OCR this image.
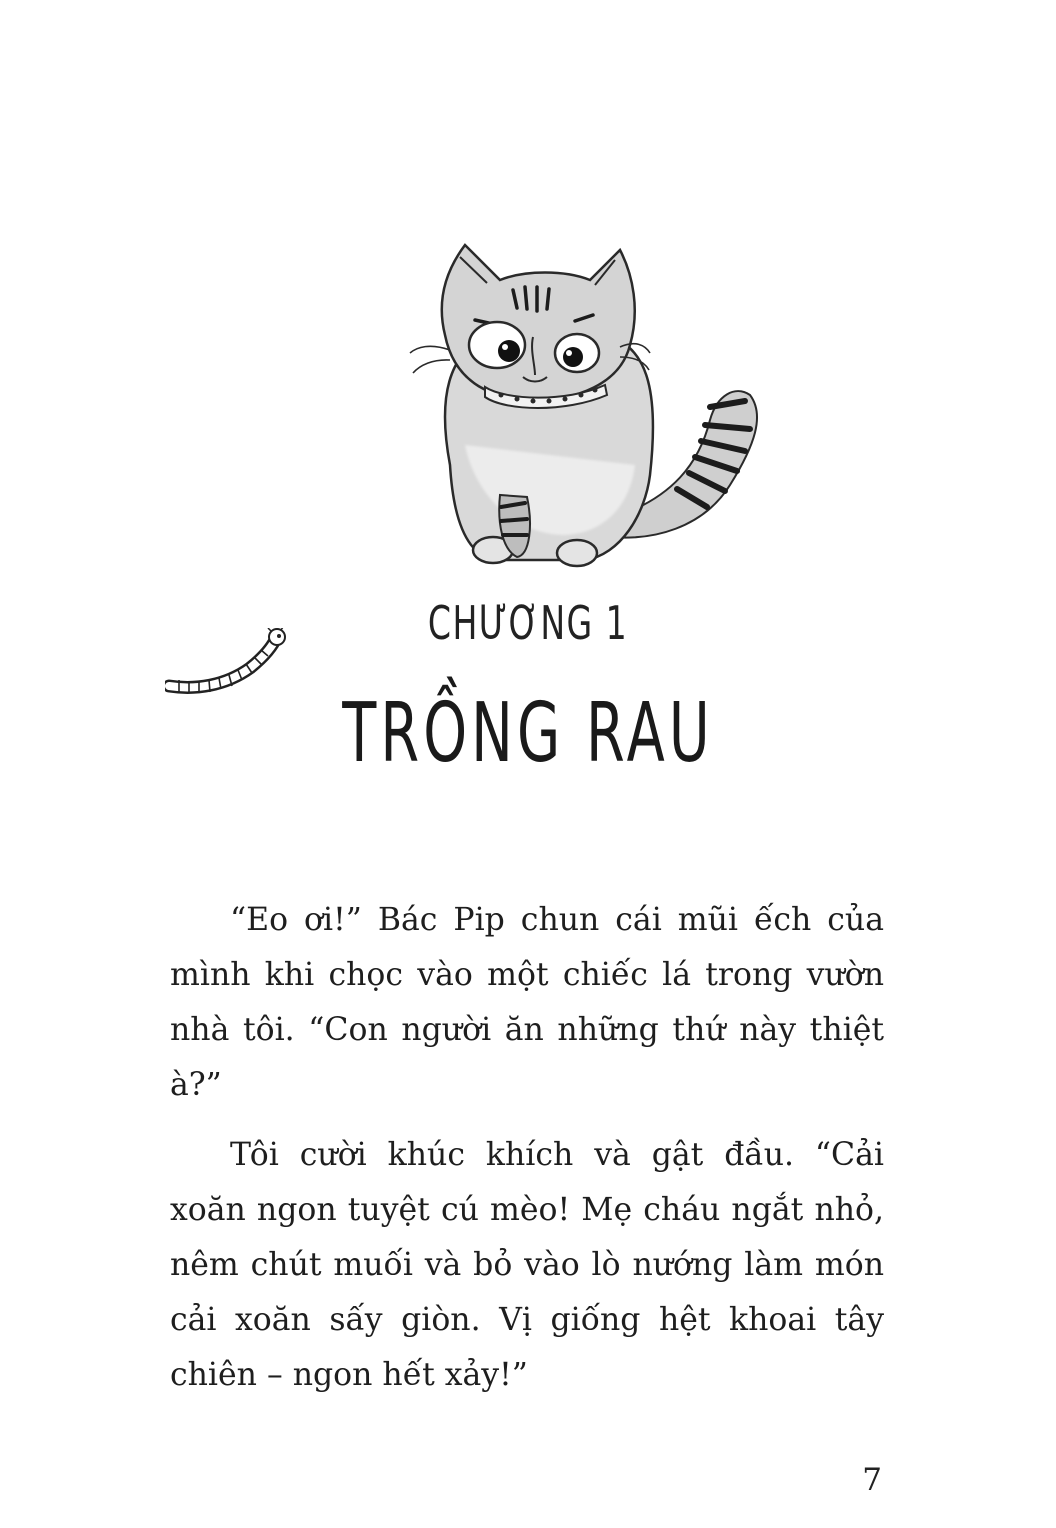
CHƯƠNG 1
TRỒNG RAU

“Eo ơi!” Bác Pip chun cái mũi ếch của mình khi chọc vào một chiếc lá trong vườn nhà tôi. “Con người ăn những thứ này thiệt à?”

Tôi cười khúc khích và gật đầu. “Cải xoăn ngon tuyệt cú mèo! Mẹ cháu ngắt nhỏ, nêm chút muối và bỏ vào lò nướng làm món cải xoăn sấy giòn. Vị giống hệt khoai tây chiên – ngon hết xảy!”

7
